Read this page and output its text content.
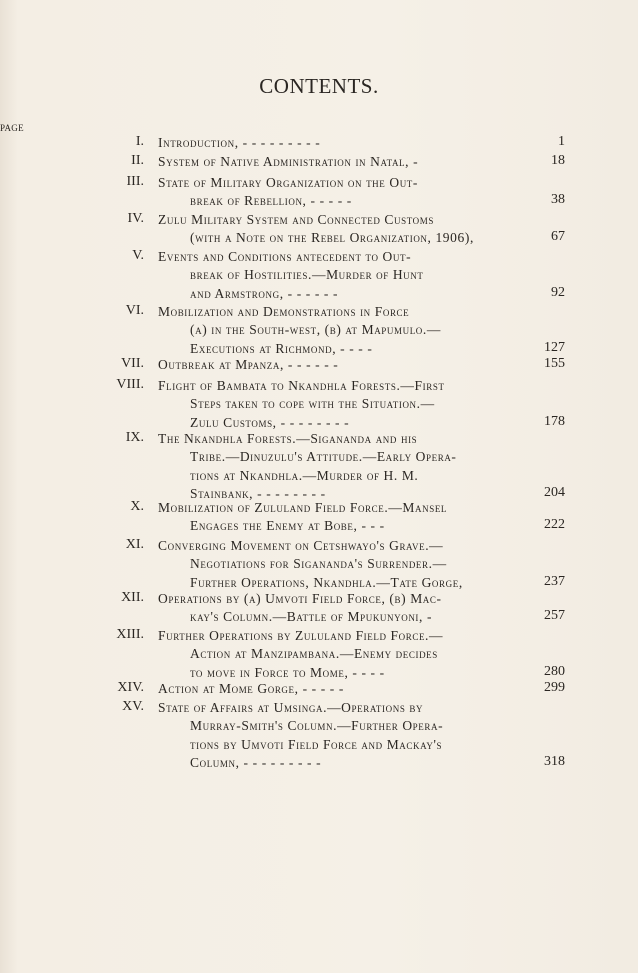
CONTENTS.
PAGE
I. Introduction, - - - - - - - - -	1
II. System of Native Administration in Natal, -	18
III. State of Military Organization on the Out-
break of Rebellion, - - - - -	38
IV. Zulu Military System and Connected Customs
(with a Note on the Rebel Organization, 1906),	67
V. Events and Conditions antecedent to Out-
break of Hostilities.—Murder of Hunt
and Armstrong, - - - - - -	92
VI. Mobilization and Demonstrations in Force
(a) in the South-west, (b) at Mapumulo.—
Executions at Richmond, - - - -	127
VII. Outbreak at Mpanza, - - - - - -	155
VIII. Flight of Bambata to Nkandhla Forests.—First
Steps taken to cope with the Situation.—
Zulu Customs, - - - - - - - -	178
IX. The Nkandhla Forests.—Sigananda and his
Tribe.—Dinuzulu's Attitude.—Early Opera-
tions at Nkandhla.—Murder of H. M.
Stainbank, - - - - - - - -	204
X. Mobilization of Zululand Field Force.—Mansel
Engages the Enemy at Bobe, - - -	222
XI. Converging Movement on Cetshwayo's Grave.—
Negotiations for Sigananda's Surrender.—
Further Operations, Nkandhla.—Tate Gorge,	237
XII. Operations by (a) Umvoti Field Force, (b) Mac-
kay's Column.—Battle of Mpukunyoni, -	257
XIII. Further Operations by Zululand Field Force.—
Action at Manzipambana.—Enemy decides
to move in Force to Mome, - - - -	280
XIV. Action at Mome Gorge, - - - - -	299
XV. State of Affairs at Umsinga.—Operations by
Murray-Smith's Column.—Further Opera-
tions by Umvoti Field Force and Mackay's
Column, - - - - - - - - -	318
